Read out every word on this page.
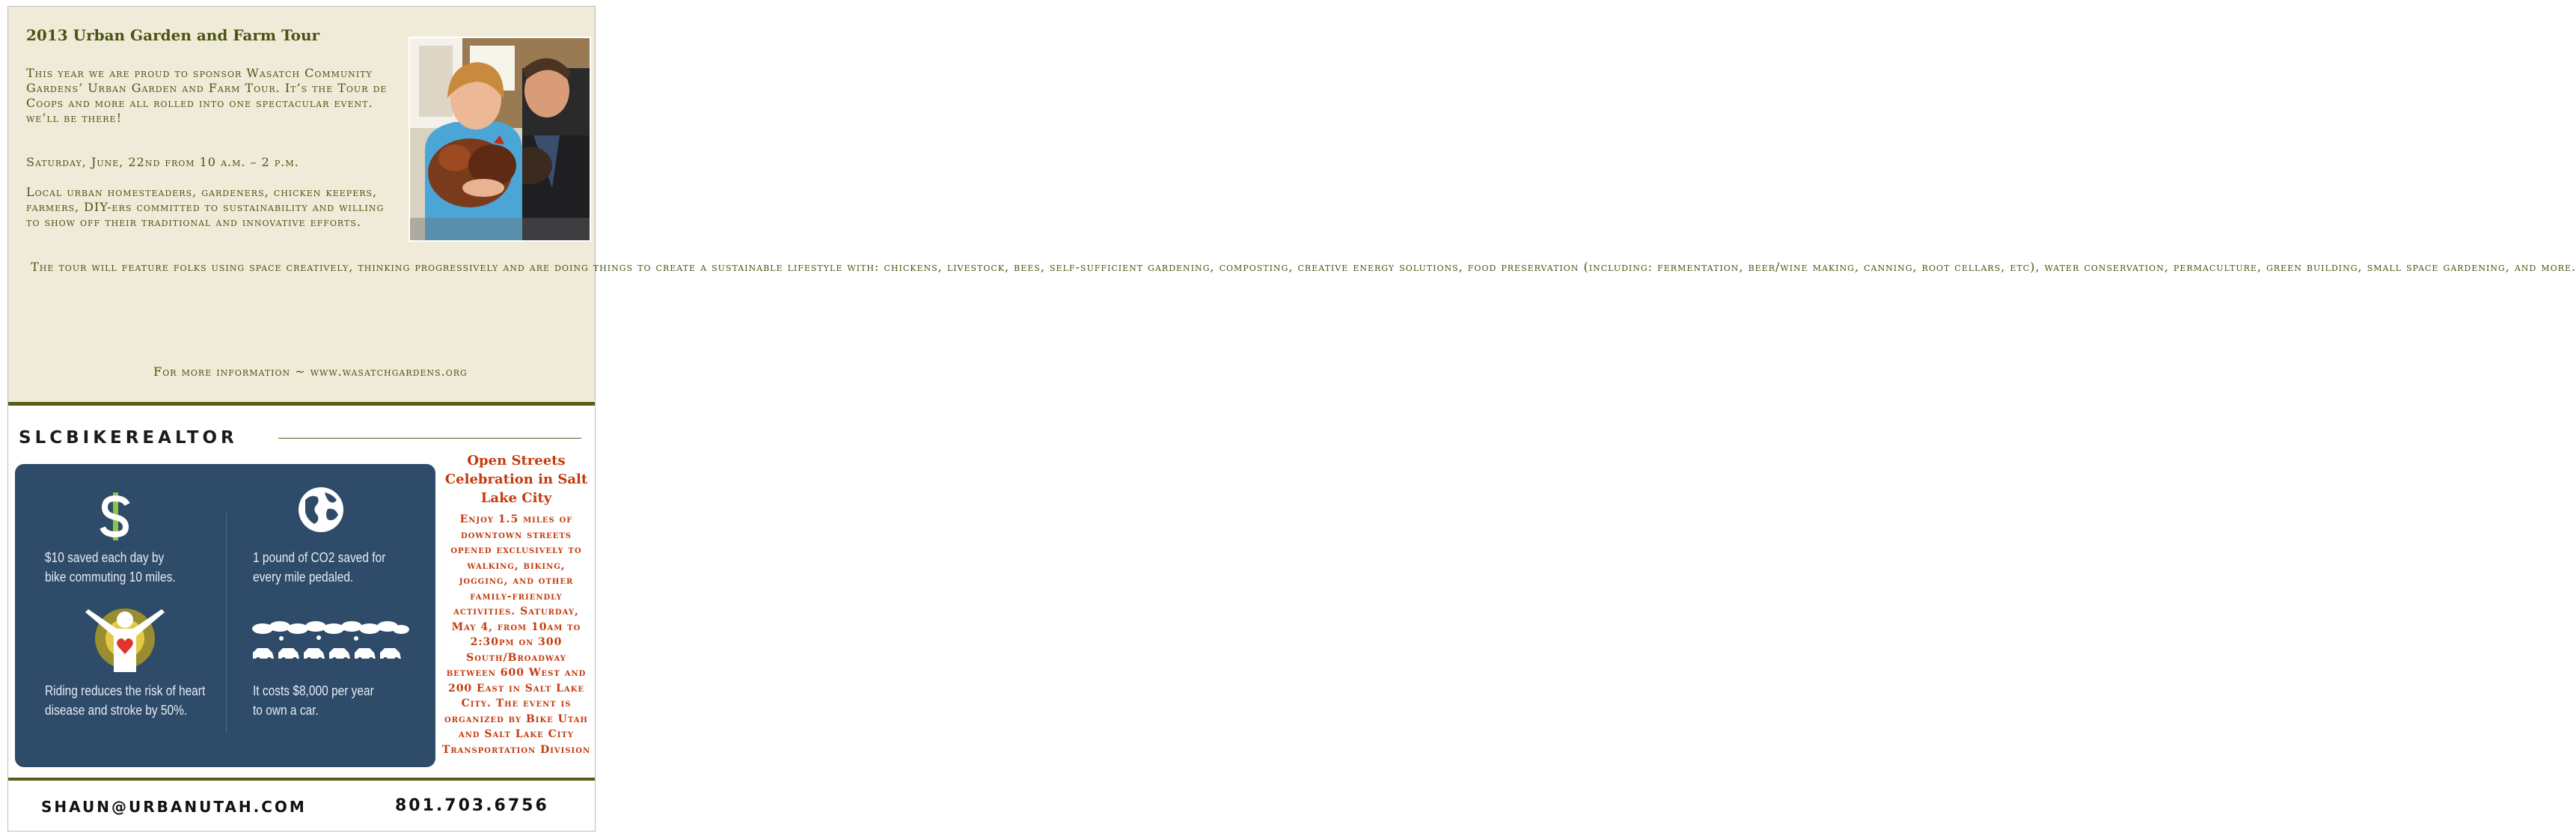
2013 Urban Garden and Farm Tour

This year we are proud to sponsor Wasatch Community Gardens’ Urban Garden and Farm Tour. It’s the Tour de Coops and more all rolled into one spectacular event.
we’ll be there!

Saturday, June, 22nd from 10 a.m. – 2 p.m.

Local urban homesteaders, gardeners, chicken keepers, farmers, DIY-ers committed to sustainability and willing to show off their traditional and innovative efforts.

The tour will feature folks using space creatively, thinking progressively and are doing things to create a sustainable lifestyle with: chickens, livestock, bees, self-sufficient gardening, composting, creative energy solutions, food preservation (including: fermentation, beer/wine making, canning, root cellars, etc), water conservation, permaculture, green building, small space gardening, and more.

For more information ~ www.wasatchgardens.org

SLCBIKEREALTOR

$10 saved each day by
bike commuting 10 miles.

1 pound of CO2 saved for
every mile pedaled.

Riding reduces the risk of heart
disease and stroke by 50%.

It costs $8,000 per year
to own a car.

Open Streets Celebration in Salt Lake City

Enjoy 1.5 miles of downtown streets opened exclusively to walking, biking, jogging, and other family-friendly activities. Saturday, May 4, from 10am to 2:30pm on 300 South/Broadway between 600 West and 200 East in Salt Lake City. The event is organized by Bike Utah and Salt Lake City Transportation Division

SHAUN@URBANUTAH.COM	801.703.6756
